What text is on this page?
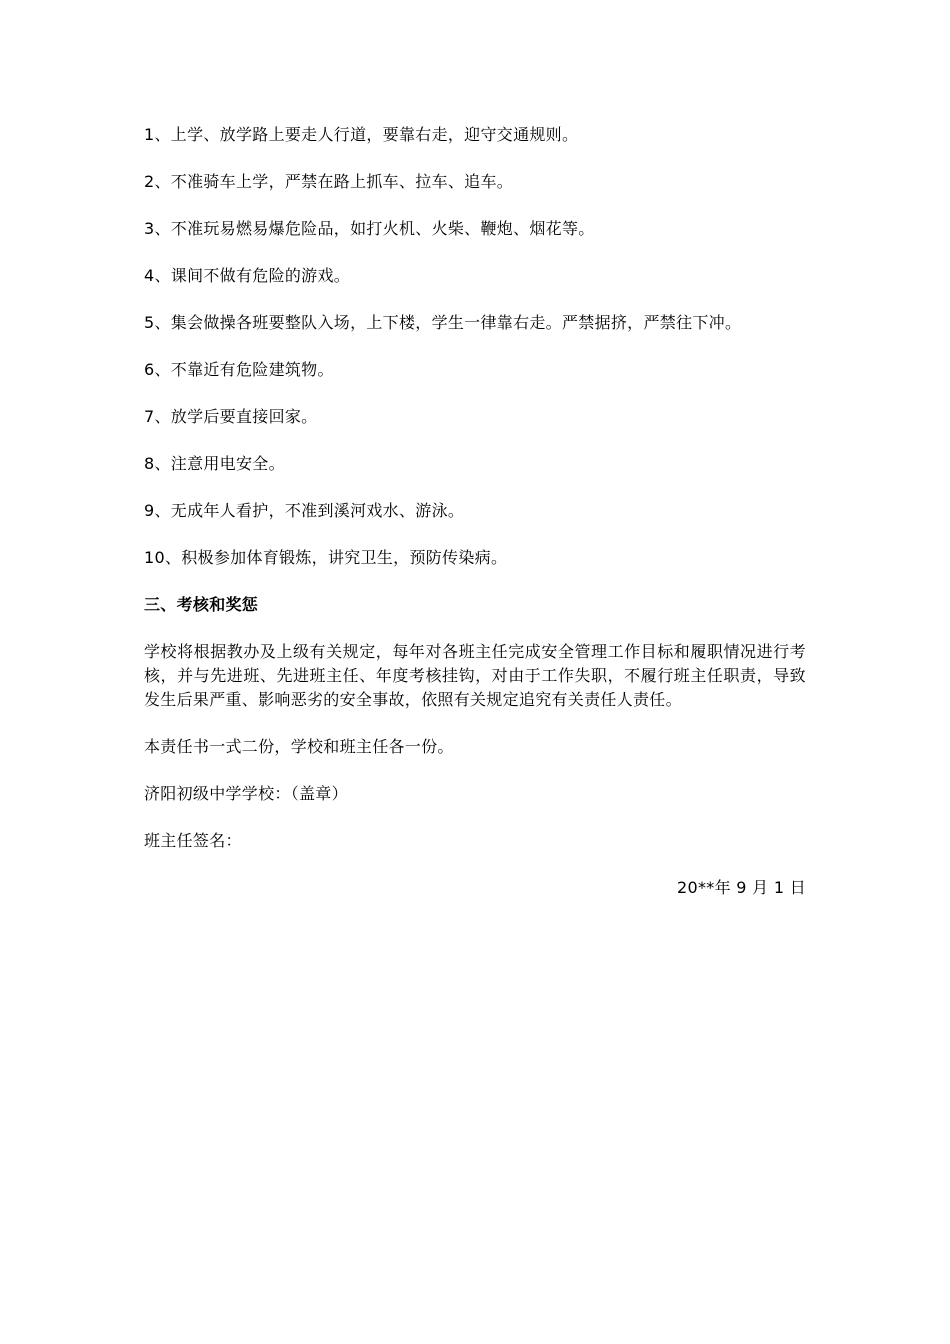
1、上学、放学路上要走人行道，要靠右走，迎守交通规则。

2、不准骑车上学，严禁在路上抓车、拉车、追车。

3、不准玩易燃易爆危险品，如打火机、火柴、鞭炮、烟花等。

4、课间不做有危险的游戏。

5、集会做操各班要整队入场，上下楼，学生一律靠右走。严禁据挤，严禁往下冲。

6、不靠近有危险建筑物。

7、放学后要直接回家。

8、注意用电安全。

9、无成年人看护，不准到溪河戏水、游泳。

10、积极参加体育锻炼，讲究卫生，预防传染病。

三、考核和奖惩

学校将根据教办及上级有关规定，每年对各班主任完成安全管理工作目标和履职情况进行考核，并与先进班、先进班主任、年度考核挂钩，对由于工作失职，不履行班主任职责，导致发生后果严重、影响恶劣的安全事故，依照有关规定追究有关责任人责任。

本责任书一式二份，学校和班主任各一份。

济阳初级中学学校：（盖章）

班主任签名：

20**年 9 月 1 日
